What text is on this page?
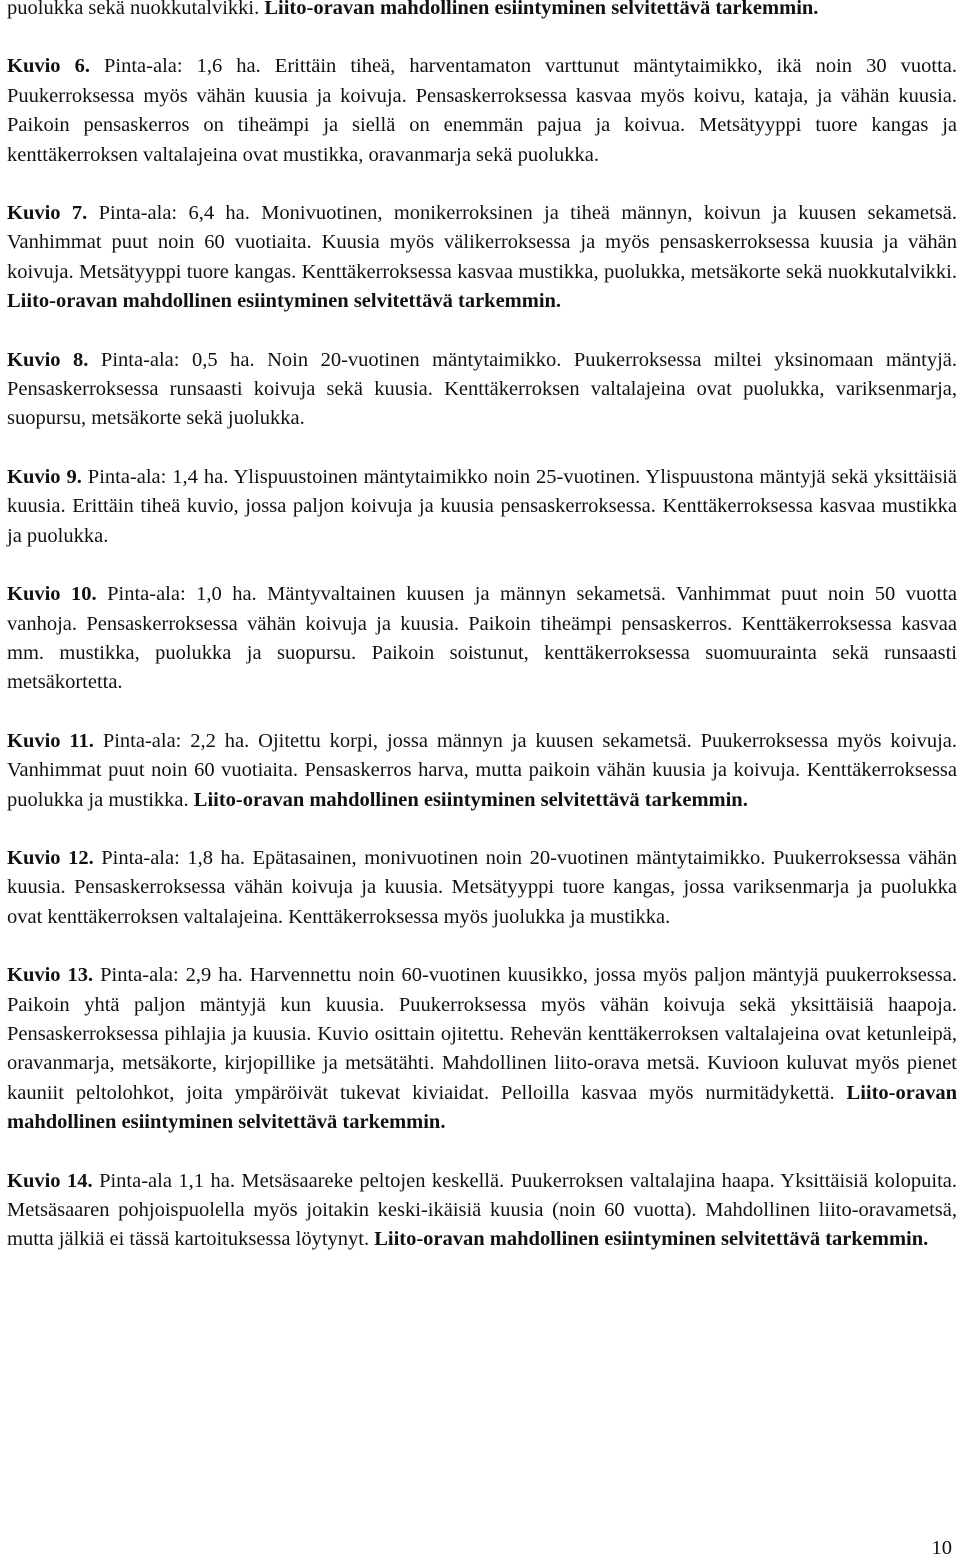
puolukka sekä nuokkutalvikki. Liito-oravan mahdollinen esiintyminen selvitettävä tarkemmin.

Kuvio 6. Pinta-ala: 1,6 ha. Erittäin tiheä, harventamaton varttunut mäntytaimikko, ikä noin 30 vuotta. Puukerroksessa myös vähän kuusia ja koivuja. Pensaskerroksessa kasvaa myös koivu, kataja, ja vähän kuusia. Paikoin pensaskerros on tiheämpi ja siellä on enemmän pajua ja koivua. Metsätyyppi tuore kangas ja kenttäkerroksen valtalajeina ovat mustikka, oravanmarja sekä puolukka.

Kuvio 7. Pinta-ala: 6,4 ha. Monivuotinen, monikerroksinen ja tiheä männyn, koivun ja kuusen sekametsä. Vanhimmat puut noin 60 vuotiaita. Kuusia myös välikerroksessa ja myös pensaskerroksessa kuusia ja vähän koivuja. Metsätyyppi tuore kangas. Kenttäkerroksessa kasvaa mustikka, puolukka, metsäkorte sekä nuokkutalvikki. Liito-oravan mahdollinen esiintyminen selvitettävä tarkemmin.

Kuvio 8. Pinta-ala: 0,5 ha. Noin 20-vuotinen mäntytaimikko. Puukerroksessa miltei yksinomaan mäntyjä. Pensaskerroksessa runsaasti koivuja sekä kuusia. Kenttäkerroksen valtalajeina ovat puolukka, variksenmarja, suopursu, metsäkorte sekä juolukka.

Kuvio 9. Pinta-ala: 1,4 ha. Ylispuustoinen mäntytaimikko noin 25-vuotinen. Ylispuustona mäntyjä sekä yksittäisiä kuusia. Erittäin tiheä kuvio, jossa paljon koivuja ja kuusia pensaskerroksessa. Kenttäkerroksessa kasvaa mustikka ja puolukka.

Kuvio 10. Pinta-ala: 1,0 ha. Mäntyvaltainen kuusen ja männyn sekametsä. Vanhimmat puut noin 50 vuotta vanhoja. Pensaskerroksessa vähän koivuja ja kuusia. Paikoin tiheämpi pensaskerros. Kenttäkerroksessa kasvaa mm. mustikka, puolukka ja suopursu. Paikoin soistunut, kenttäkerroksessa suomuurainta sekä runsaasti metsäkortetta.

Kuvio 11. Pinta-ala: 2,2 ha. Ojitettu korpi, jossa männyn ja kuusen sekametsä. Puukerroksessa myös koivuja. Vanhimmat puut noin 60 vuotiaita. Pensaskerros harva, mutta paikoin vähän kuusia ja koivuja. Kenttäkerroksessa puolukka ja mustikka. Liito-oravan mahdollinen esiintyminen selvitettävä tarkemmin.

Kuvio 12. Pinta-ala: 1,8 ha. Epätasainen, monivuotinen noin 20-vuotinen mäntytaimikko. Puukerroksessa vähän kuusia. Pensaskerroksessa vähän koivuja ja kuusia. Metsätyyppi tuore kangas, jossa variksenmarja ja puolukka ovat kenttäkerroksen valtalajeina. Kenttäkerroksessa myös juolukka ja mustikka.

Kuvio 13. Pinta-ala: 2,9 ha. Harvennettu noin 60-vuotinen kuusikko, jossa myös paljon mäntyjä puukerroksessa. Paikoin yhtä paljon mäntyjä kun kuusia. Puukerroksessa myös vähän koivuja sekä yksittäisiä haapoja. Pensaskerroksessa pihlajia ja kuusia. Kuvio osittain ojitettu. Rehevän kenttäkerroksen valtalajeina ovat ketunleipä, oravanmarja, metsäkorte, kirjopillike ja metsätähti. Mahdollinen liito-orava metsä. Kuvioon kuluvat myös pienet kauniit peltolohkot, joita ympäröivät tukevat kiviaidat. Pelloilla kasvaa myös nurmitädykettä. Liito-oravan mahdollinen esiintyminen selvitettävä tarkemmin.

Kuvio 14. Pinta-ala 1,1 ha. Metsäsaareke peltojen keskellä. Puukerroksen valtalajina haapa. Yksittäisiä kolopuita. Metsäsaaren pohjoispuolella myös joitakin keski-ikäisiä kuusia (noin 60 vuotta). Mahdollinen liito-oravametsä, mutta jälkiä ei tässä kartoituksessa löytynyt. Liito-oravan mahdollinen esiintyminen selvitettävä tarkemmin.

10
